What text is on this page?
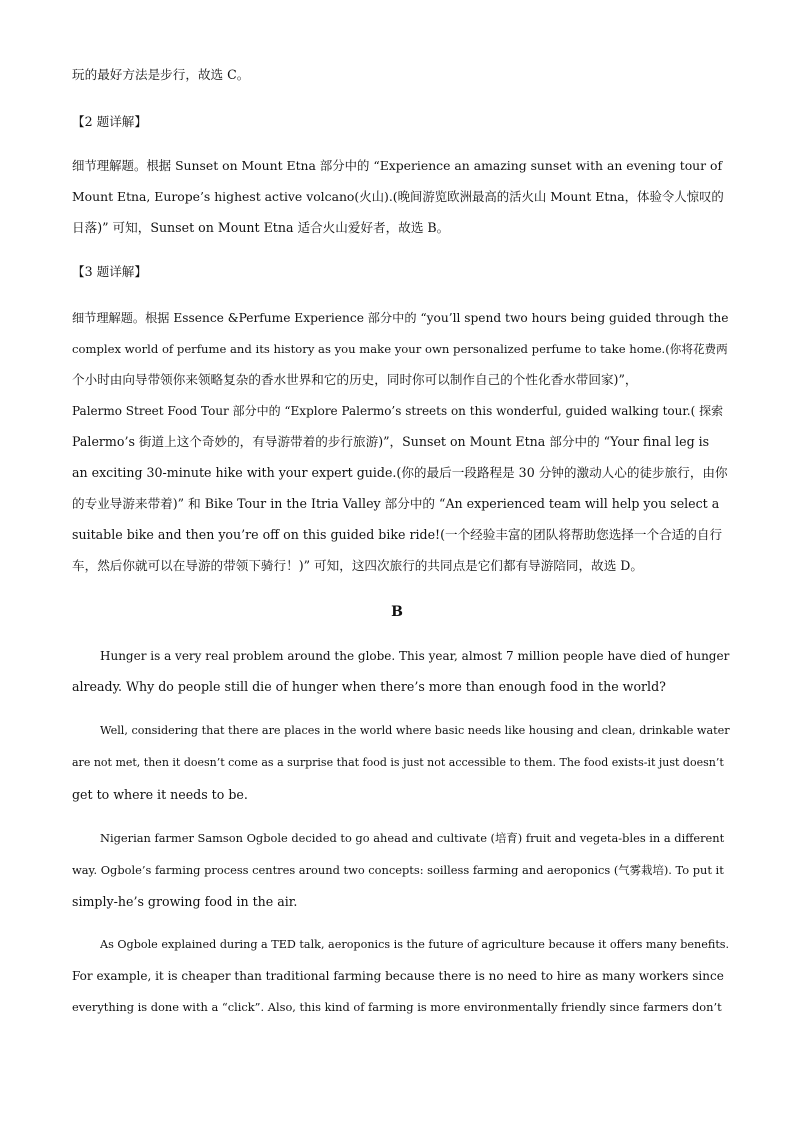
玩的最好方法是步行，故选 C。
【2 题详解】
细节理解题。根据 Sunset on Mount Etna 部分中的 “Experience an amazing sunset with an evening tour of
Mount Etna, Europe’s highest active volcano(火山).(晚间游览欧洲最高的活火山 Mount Etna，体验令人惊叹的
日落)” 可知，Sunset on Mount Etna 适合火山爱好者，故选 B。
【3 题详解】
细节理解题。根据 Essence &Perfume Experience 部分中的 “you’ll spend two hours being guided through the
complex world of perfume and its history as you make your own personalized perfume to take home.(你将花费两
个小时由向导带领你来领略复杂的香水世界和它的历史，同时你可以制作自己的个性化香水带回家)”，
Palermo Street Food Tour 部分中的 “Explore Palermo’s streets on this wonderful, guided walking tour.( 探索
Palermo’s 街道上这个奇妙的，有导游带着的步行旅游)”，Sunset on Mount Etna 部分中的 “Your final leg is
an exciting 30-minute hike with your expert guide.(你的最后一段路程是 30 分钟的激动人心的徒步旅行，由你
的专业导游来带着)” 和 Bike Tour in the Itria Valley 部分中的 “An experienced team will help you select a
suitable bike and then you’re off on this guided bike ride!(一个经验丰富的团队将帮助您选择一个合适的自行
车，然后你就可以在导游的带领下骑行！)” 可知，这四次旅行的共同点是它们都有导游陪同，故选 D。
B
Hunger is a very real problem around the globe. This year, almost 7 million people have died of hunger
already. Why do people still die of hunger when there’s more than enough food in the world?
Well, considering that there are places in the world where basic needs like housing and clean, drinkable water
are not met, then it doesn’t come as a surprise that food is just not accessible to them. The food exists-it just doesn’t
get to where it needs to be.
Nigerian farmer Samson Ogbole decided to go ahead and cultivate (培育) fruit and vegeta-bles in a different
way. Ogbole’s farming process centres around two concepts: soilless farming and aeroponics (气雾栽培). To put it
simply-he’s growing food in the air.
As Ogbole explained during a TED talk, aeroponics is the future of agriculture because it offers many benefits.
For example, it is cheaper than traditional farming because there is no need to hire as many workers since
everything is done with a “click”. Also, this kind of farming is more environmentally friendly since farmers don’t
